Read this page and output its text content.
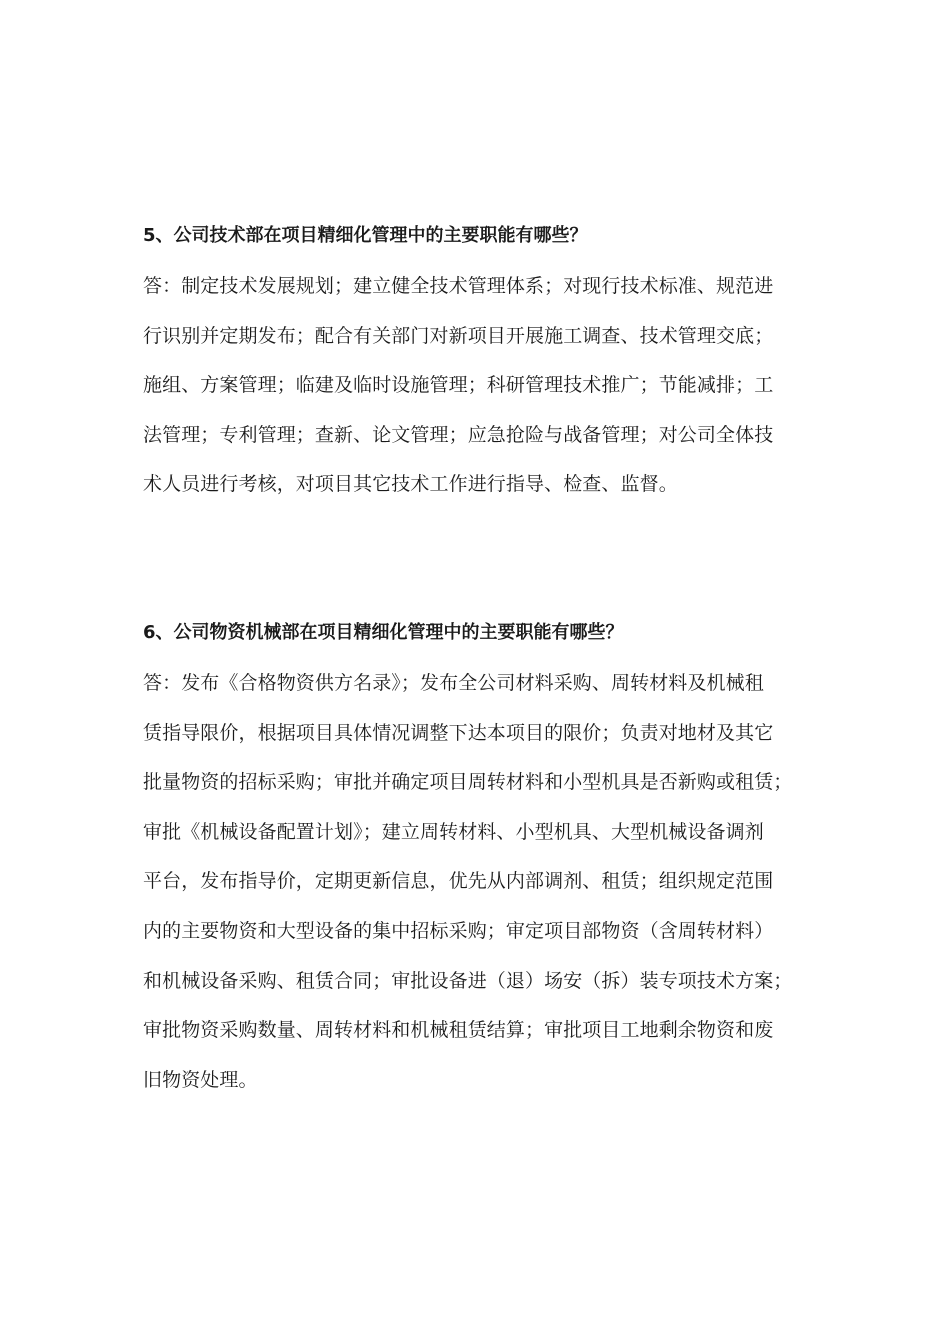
5、公司技术部在项目精细化管理中的主要职能有哪些？

答：制定技术发展规划；建立健全技术管理体系；对现行技术标准、规范进

行识别并定期发布；配合有关部门对新项目开展施工调查、技术管理交底；

施组、方案管理；临建及临时设施管理；科研管理技术推广；节能减排；工

法管理；专利管理；查新、论文管理；应急抢险与战备管理；对公司全体技

术人员进行考核，对项目其它技术工作进行指导、检查、监督。

6、公司物资机械部在项目精细化管理中的主要职能有哪些？

答：发布《合格物资供方名录》；发布全公司材料采购、周转材料及机械租

赁指导限价，根据项目具体情况调整下达本项目的限价；负责对地材及其它

批量物资的招标采购；审批并确定项目周转材料和小型机具是否新购或租赁；

审批《机械设备配置计划》；建立周转材料、小型机具、大型机械设备调剂

平台，发布指导价，定期更新信息，优先从内部调剂、租赁；组织规定范围

内的主要物资和大型设备的集中招标采购；审定项目部物资（含周转材料）

和机械设备采购、租赁合同；审批设备进（退）场安（拆）装专项技术方案；

审批物资采购数量、周转材料和机械租赁结算；审批项目工地剩余物资和废

旧物资处理。
